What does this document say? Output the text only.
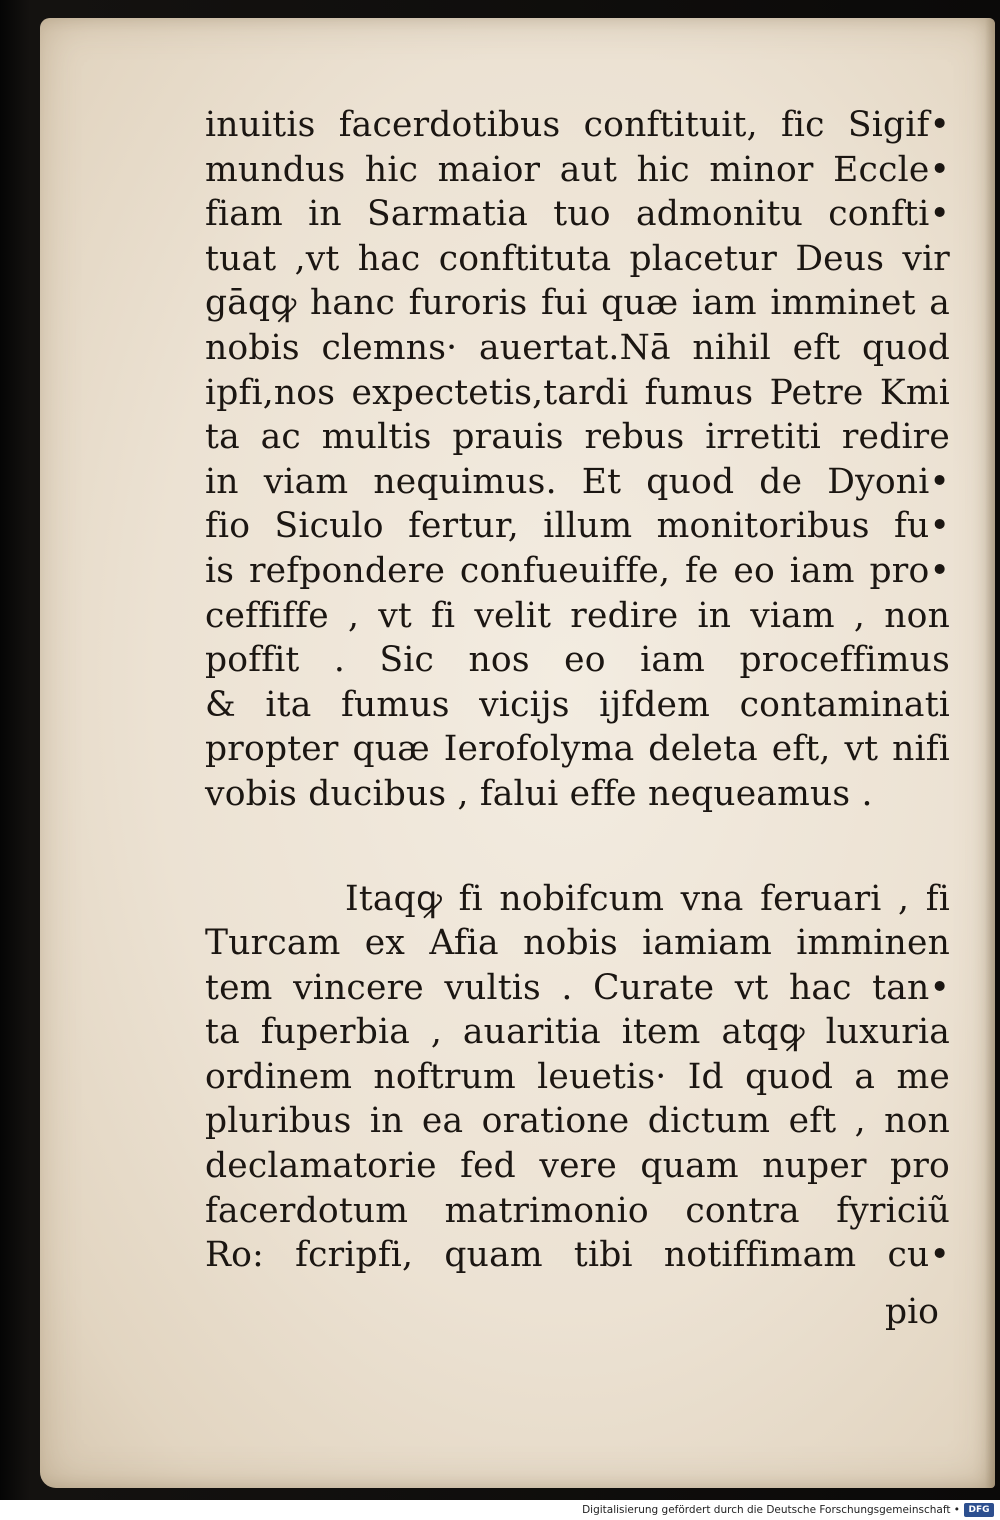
inuitis facerdotibus conftituit, fic Sigif•
mundus hic maior aut hic minor Eccle•
fiam in Sarmatia tuo admonitu confti•
tuat ,vt hac conftituta placetur Deus vir
gāqꝙ hanc furoris fui quæ iam imminet a
nobis clemns· auertat.Nā nihil eft quod
ipfi,nos expectetis,tardi fumus Petre Kmi
ta ac multis prauis rebus irretiti redire
in viam nequimus. Et quod de Dyoni•
fio Siculo fertur, illum monitoribus fu•
is refpondere confueuiffe, fe eo iam pro•
ceffiffe , vt fi velit redire in viam , non
poffit . Sic nos eo iam proceffimus
& ita fumus vicijs ijfdem contaminati
propter quæ Ierofolyma deleta eft, vt nifi
vobis ducibus , falui effe nequeamus .
Itaqꝙ fi nobifcum vna feruari , fi
Turcam ex Afia nobis iamiam imminen
tem vincere vultis . Curate vt hac tan•
ta fuperbia , auaritia item atqꝙ luxuria
ordinem noftrum leuetis· Id quod a me
pluribus in ea oratione dictum eft , non
declamatorie fed vere quam nuper pro
facerdotum matrimonio contra fyriciũ
Ro: fcripfi, quam tibi notiffimam cu•
pio
Digitalisierung gefördert durch die Deutsche Forschungsgemeinschaft • DFG
